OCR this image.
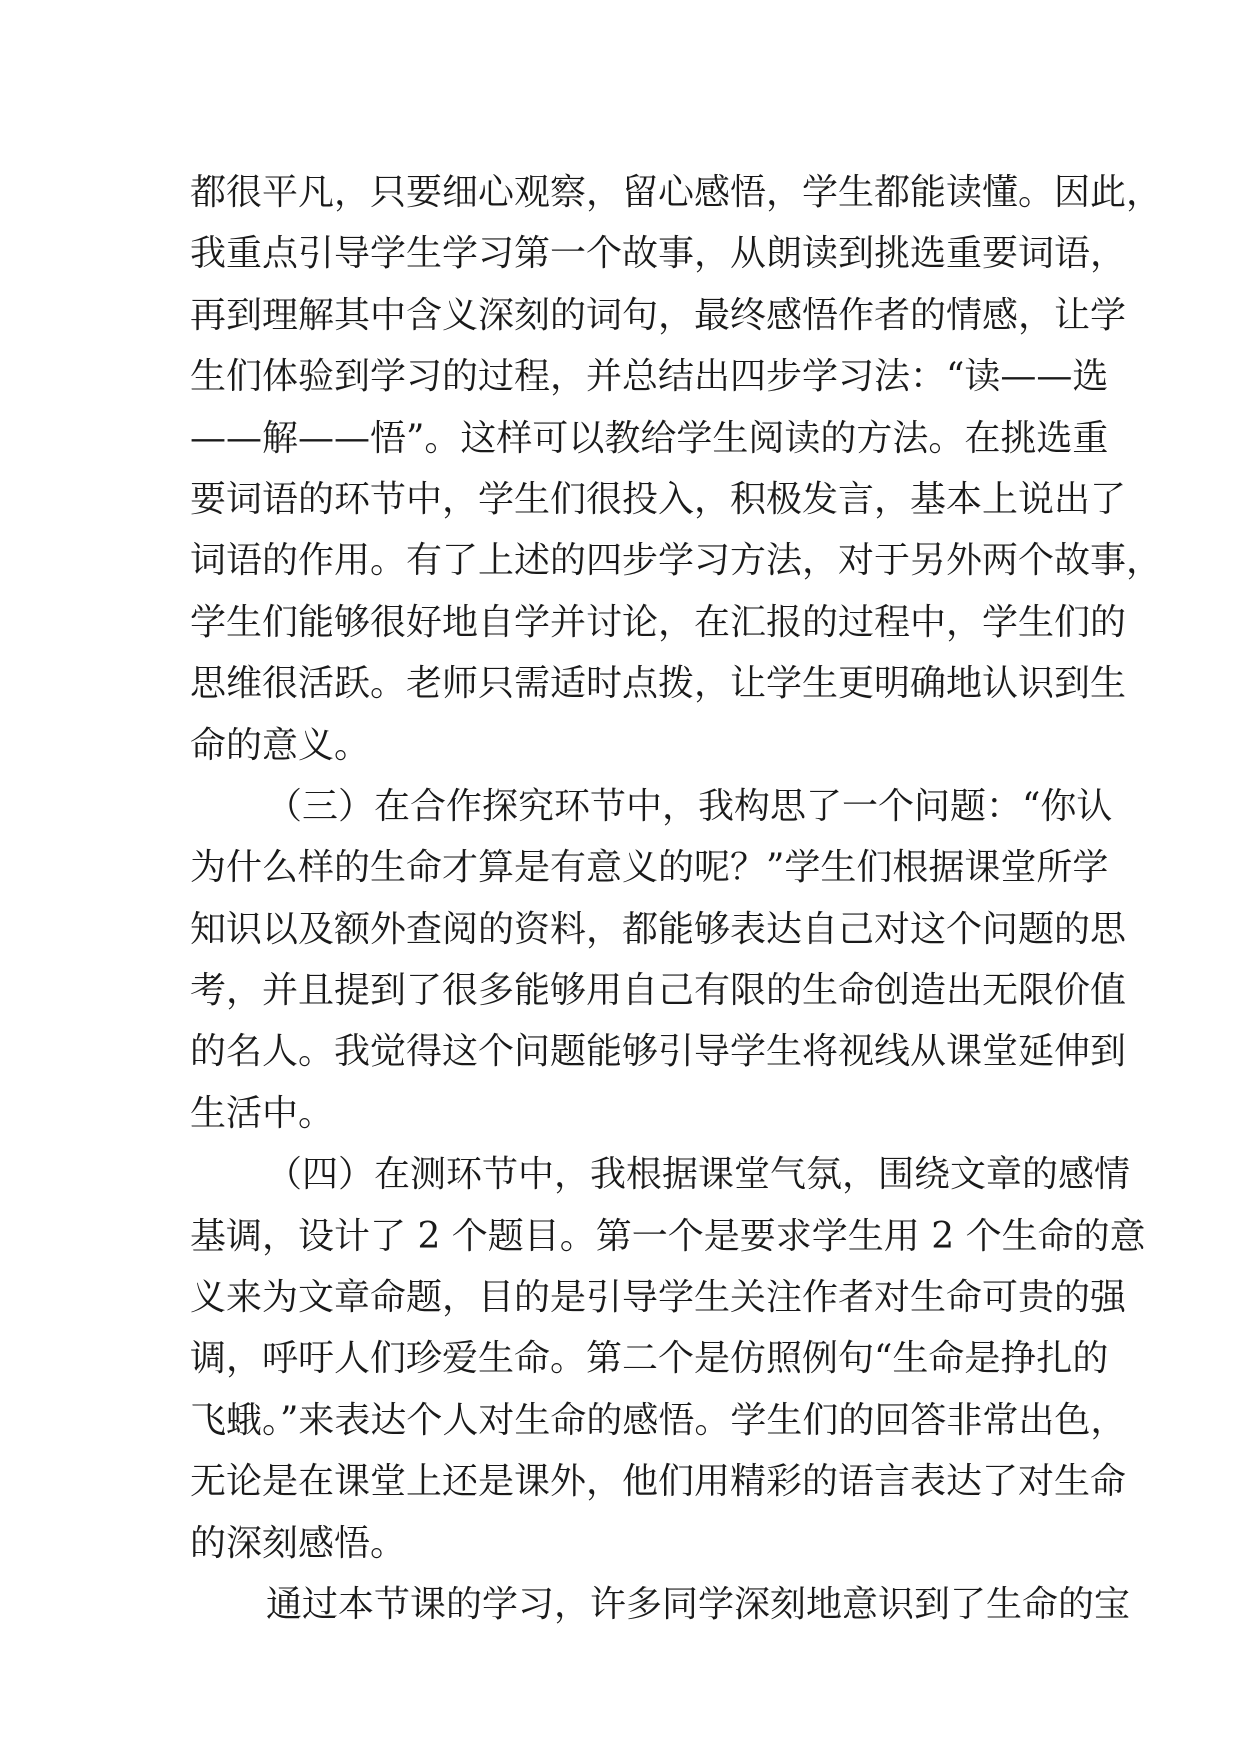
都很平凡，只要细心观察，留心感悟，学生都能读懂。因此，
我重点引导学生学习第一个故事，从朗读到挑选重要词语，
再到理解其中含义深刻的词句，最终感悟作者的情感，让学
生们体验到学习的过程，并总结出四步学习法：“读——选
——解——悟”。这样可以教给学生阅读的方法。在挑选重
要词语的环节中，学生们很投入，积极发言，基本上说出了
词语的作用。有了上述的四步学习方法，对于另外两个故事，
学生们能够很好地自学并讨论，在汇报的过程中，学生们的
思维很活跃。老师只需适时点拨，让学生更明确地认识到生
命的意义。
（三）在合作探究环节中，我构思了一个问题：“你认
为什么样的生命才算是有意义的呢？”学生们根据课堂所学
知识以及额外查阅的资料，都能够表达自己对这个问题的思
考，并且提到了很多能够用自己有限的生命创造出无限价值
的名人。我觉得这个问题能够引导学生将视线从课堂延伸到
生活中。
（四）在测环节中，我根据课堂气氛，围绕文章的感情
基调，设计了 2 个题目。第一个是要求学生用 2 个生命的意
义来为文章命题，目的是引导学生关注作者对生命可贵的强
调，呼吁人们珍爱生命。第二个是仿照例句“生命是挣扎的
飞蛾。”来表达个人对生命的感悟。学生们的回答非常出色，
无论是在课堂上还是课外，他们用精彩的语言表达了对生命
的深刻感悟。
通过本节课的学习，许多同学深刻地意识到了生命的宝
